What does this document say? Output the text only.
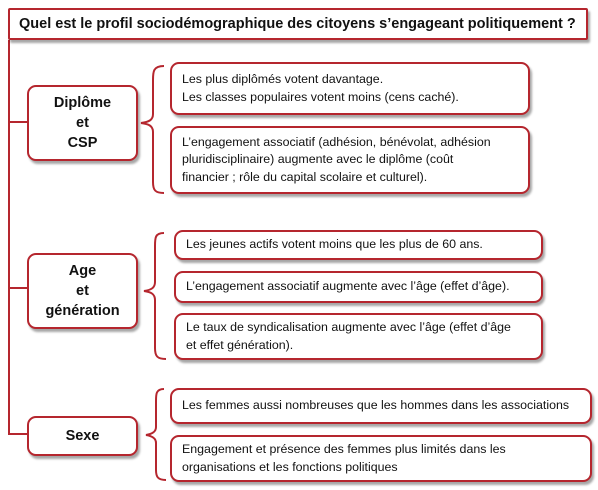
Quel est le profil sociodémographique des citoyens s’engageant politiquement ?
Diplôme
et
CSP
Les plus diplômés votent davantage.
Les classes populaires votent moins (cens caché).
L’engagement associatif (adhésion, bénévolat, adhésion
pluridisciplinaire) augmente avec le diplôme (coût
financier ; rôle du capital scolaire et culturel).
Age
et
génération
Les jeunes actifs votent moins que les plus de 60 ans.
L’engagement associatif augmente avec l’âge (effet d’âge).
Le taux de syndicalisation augmente avec l’âge (effet d’âge
et effet génération).
Sexe
Les femmes aussi nombreuses que les hommes dans les associations
Engagement et présence des femmes plus limités dans les
organisations et les fonctions politiques
